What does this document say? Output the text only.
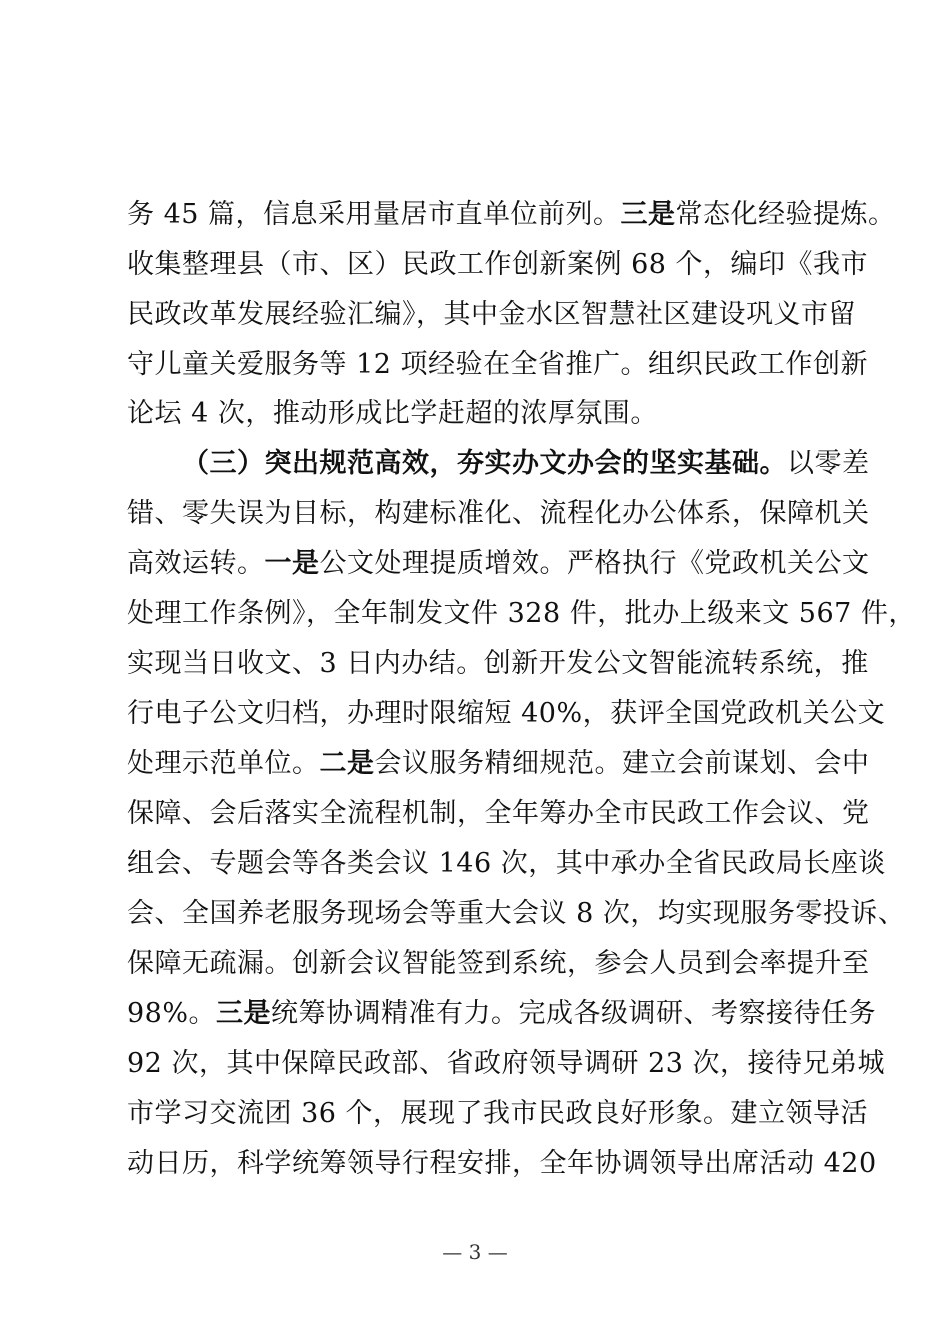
务 45 篇，信息采用量居市直单位前列。三是常态化经验提炼。
收集整理县（市、区）民政工作创新案例 68 个，编印《我市
民政改革发展经验汇编》，其中金水区智慧社区建设巩义市留
守儿童关爱服务等 12 项经验在全省推广。组织民政工作创新
论坛 4 次，推动形成比学赶超的浓厚氛围。
（三）突出规范高效，夯实办文办会的坚实基础。以零差
错、零失误为目标，构建标准化、流程化办公体系，保障机关
高效运转。一是公文处理提质增效。严格执行《党政机关公文
处理工作条例》，全年制发文件 328 件，批办上级来文 567 件，
实现当日收文、3 日内办结。创新开发公文智能流转系统，推
行电子公文归档，办理时限缩短 40%，获评全国党政机关公文
处理示范单位。二是会议服务精细规范。建立会前谋划、会中
保障、会后落实全流程机制，全年筹办全市民政工作会议、党
组会、专题会等各类会议 146 次，其中承办全省民政局长座谈
会、全国养老服务现场会等重大会议 8 次，均实现服务零投诉、
保障无疏漏。创新会议智能签到系统，参会人员到会率提升至
98%。三是统筹协调精准有力。完成各级调研、考察接待任务
92 次，其中保障民政部、省政府领导调研 23 次，接待兄弟城
市学习交流团 36 个，展现了我市民政良好形象。建立领导活
动日历，科学统筹领导行程安排，全年协调领导出席活动 420
— 3 —
